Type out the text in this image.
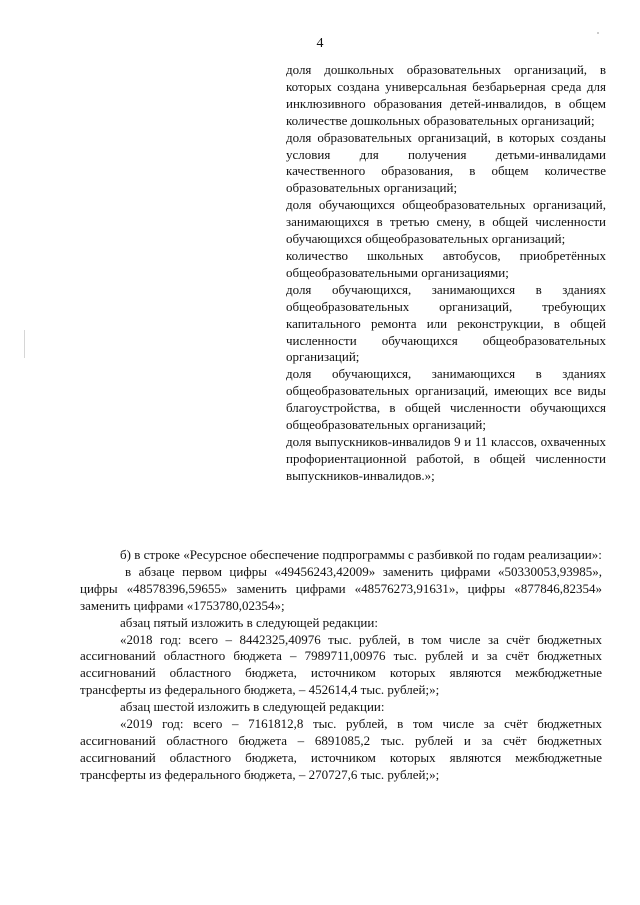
4

доля дошкольных образовательных организаций, в которых создана универсальная безбарьерная среда для инклюзивного образования детей-инвалидов, в общем количестве дошкольных образовательных организаций;

доля образовательных организаций, в которых созданы условия для получения детьми-инвалидами качественного образования, в общем количестве образовательных организаций;

доля обучающихся общеобразовательных организаций, занимающихся в третью смену, в общей численности обучающихся общеобразовательных организаций;

количество школьных автобусов, приобретённых общеобразовательными организациями;

доля обучающихся, занимающихся в зданиях общеобразовательных организаций, требующих капитального ремонта или реконструкции, в общей численности обучающихся общеобразовательных организаций;

доля обучающихся, занимающихся в зданиях общеобразовательных организаций, имеющих все виды благоустройства, в общей численности обучающихся общеобразовательных организаций;

доля выпускников-инвалидов 9 и 11 классов, охваченных профориентационной работой, в общей численности выпускников-инвалидов.»;

б) в строке «Ресурсное обеспечение подпрограммы с разбивкой по годам реализации»:

в абзаце первом цифры «49456243,42009» заменить цифрами «50330053,93985», цифры «48578396,59655» заменить цифрами «48576273,91631», цифры «877846,82354» заменить цифрами «1753780,02354»;

абзац пятый изложить в следующей редакции:

«2018 год: всего – 8442325,40976 тыс. рублей, в том числе за счёт бюджетных ассигнований областного бюджета – 7989711,00976 тыс. рублей и за счёт бюджетных ассигнований областного бюджета, источником которых являются межбюджетные трансферты из федерального бюджета, – 452614,4 тыс. рублей;»;

абзац шестой изложить в следующей редакции:

«2019 год: всего – 7161812,8 тыс. рублей, в том числе за счёт бюджетных ассигнований областного бюджета – 6891085,2 тыс. рублей и за счёт бюджетных ассигнований областного бюджета, источником которых являются межбюджетные трансферты из федерального бюджета, – 270727,6 тыс. рублей;»;
